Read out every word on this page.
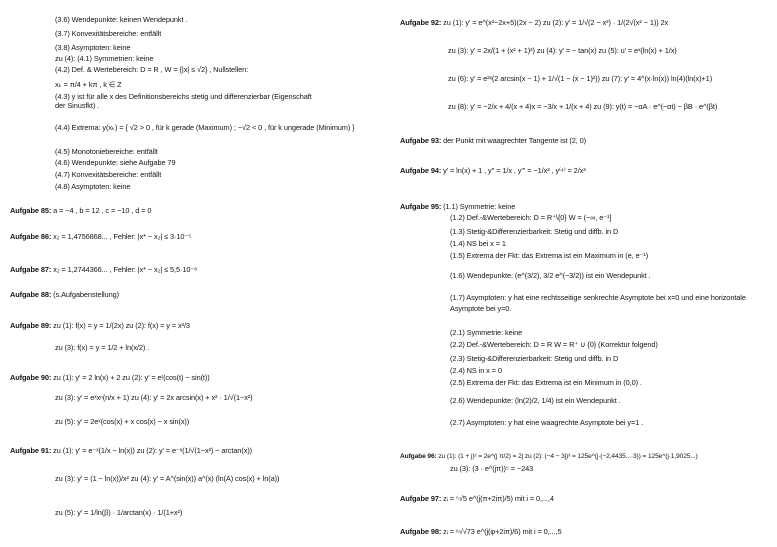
(3.6) Wendepunkte: keinen Wendepunkt .
(3.7) Konvexitätsbereiche: entfällt
(3.8) Asymptoten: keine
zu (4): (4.1) Symmetrien: keine
(4.2) Def. & Wertebereich: D = R , W = {|x| ≤ √2} , Nullstellen:
xₖ = π/4 + kπ , k ∈ Z
(4.3) y ist für alle x des Definitionsbereichs stetig und differenzierbar (Eigenschaft
der Sinusfkt) .
(4.4) Extrema: y(xₖ) = { √2 > 0 , für k gerade (Maximum) ; −√2 < 0 , für k ungerade (Minimum) }
(4.5) Monotoniebereiche: entfällt
(4.6) Wendepunkte: siehe Aufgabe 79
(4.7) Konvexitätsbereiche: entfällt
(4.8) Asymptoten: keine
Aufgabe 85: a = −4 , b = 12 , c = −10 , d = 0
Aufgabe 86: x₂ = 1,4756868... , Fehler: |x* − x₂| ≤ 3·10⁻⁵
Aufgabe 87: x₂ = 1,2744366... , Fehler: |x* − x₂| ≤ 5,5·10⁻⁸
Aufgabe 88: (s.Aufgabenstellung)
Aufgabe 89: zu (1): f(x) = y = 1/(2x) zu (2): f(x) = y = x²/3
zu (3): f(x) = y = 1/2 + ln(x/2) .
Aufgabe 90: zu (1): y' = 2 ln(x) + 2 zu (2): y' = eᵗ(cos(t) − sin(t))
zu (3): y' = eˣxⁿ(n/x + 1) zu (4): y' = 2x arcsin(x) + x² · 1/√(1−x²)
zu (5): y' = 2eˣ(cos(x) + x cos(x) − x sin(x))
Aufgabe 91: zu (1): y' = e⁻ˣ(1/x − ln(x)) zu (2): y' = e⁻ˣ(1/√(1−x²) − arctan(x))
zu (3): y' = (1 − ln(x))/x² zu (4): y' = A^(sin(x)) a^(x) (ln(A) cos(x) + ln(a))
zu (5): y' = 1/ln(β) · 1/arctan(x) · 1/(1+x²)
Aufgabe 92: zu (1): y' = e^(x²−2x+5)(2x − 2) zu (2): y' = 1/√(2 − x²) · 1/(2√(x² − 1)) 2x
zu (3): y' = 2x/(1 + (x² + 1)²) zu (4): y' = − tan(x) zu (5): u' = eˣ(ln(x) + 1/x)
zu (6): y' = e²ˣ(2 arcsin(x − 1) + 1/√(1 − (x − 1)²)) zu (7): y' = 4^(x·ln(x)) ln(4)(ln(x)+1)
zu (8): y' = −2/x + 4/(x + 4)x = −3/x + 1/(x + 4) zu (9): y(t) = −αA · e^(−αt) − βB · e^(βt)
Aufgabe 93: der Punkt mit waagrechter Tangente ist (2, 0)
Aufgabe 94: y' = ln(x) + 1 , y'' = 1/x , y''' = −1/x² , y⁽⁴⁾ = 2/x³
Aufgabe 95: (1.1) Symmetrie: keine
(1.2) Def.-&Wertebereich: D = R⁺\{0} W = (−∞, e⁻¹]
(1.3) Stetig-&Differenzierbarkeit: Stetig und diffb. in D
(1.4) NS bei x = 1
(1.5) Extrema der Fkt: das Extrema ist ein Maximum in (e, e⁻¹)
(1.6) Wendepunkte: (e^(3/2), 3/2 e^(−3/2)) ist ein Wendepunkt .
(1.7) Asymptoten: y hat eine rechtsseitige senkrechte Asymptote bei x=0 und eine horizontale
Asymptote bei y=0.
(2.1) Symmetrie: keine
(2.2) Def.-&Wertebereich: D = R W = R⁺ ∪ {0} (Korrektur folgend)
(2.3) Stetig-&Differenzierbarkeit: Stetig und diffb. in D
(2.4) NS in x = 0
(2.5) Extrema der Fkt: das Extrema ist ein Minimum in (0,0) .
(2.6) Wendepunkte: (ln(2)/2, 1/4) ist ein Wendepunkt .
(2.7) Asymptoten: y hat eine waagrechte Asymptote bei y=1 .
Aufgabe 96: zu (1): (1 + j)² = 2e^(j π/2) = 2j zu (2): (−4 − 3j)³ = 125e^(j·(−2,4435...·3)) = 125e^(j·1,9025...)
zu (3): (3 · e^(jπ))⁵ = −243
Aufgabe 97: zᵢ = ⁵√5 e^(j(π+2iπ)/5) mit i = 0,...,4
Aufgabe 98: zᵢ = ⁶√√73 e^(j(φ+2iπ)/6) mit i = 0,...,5
